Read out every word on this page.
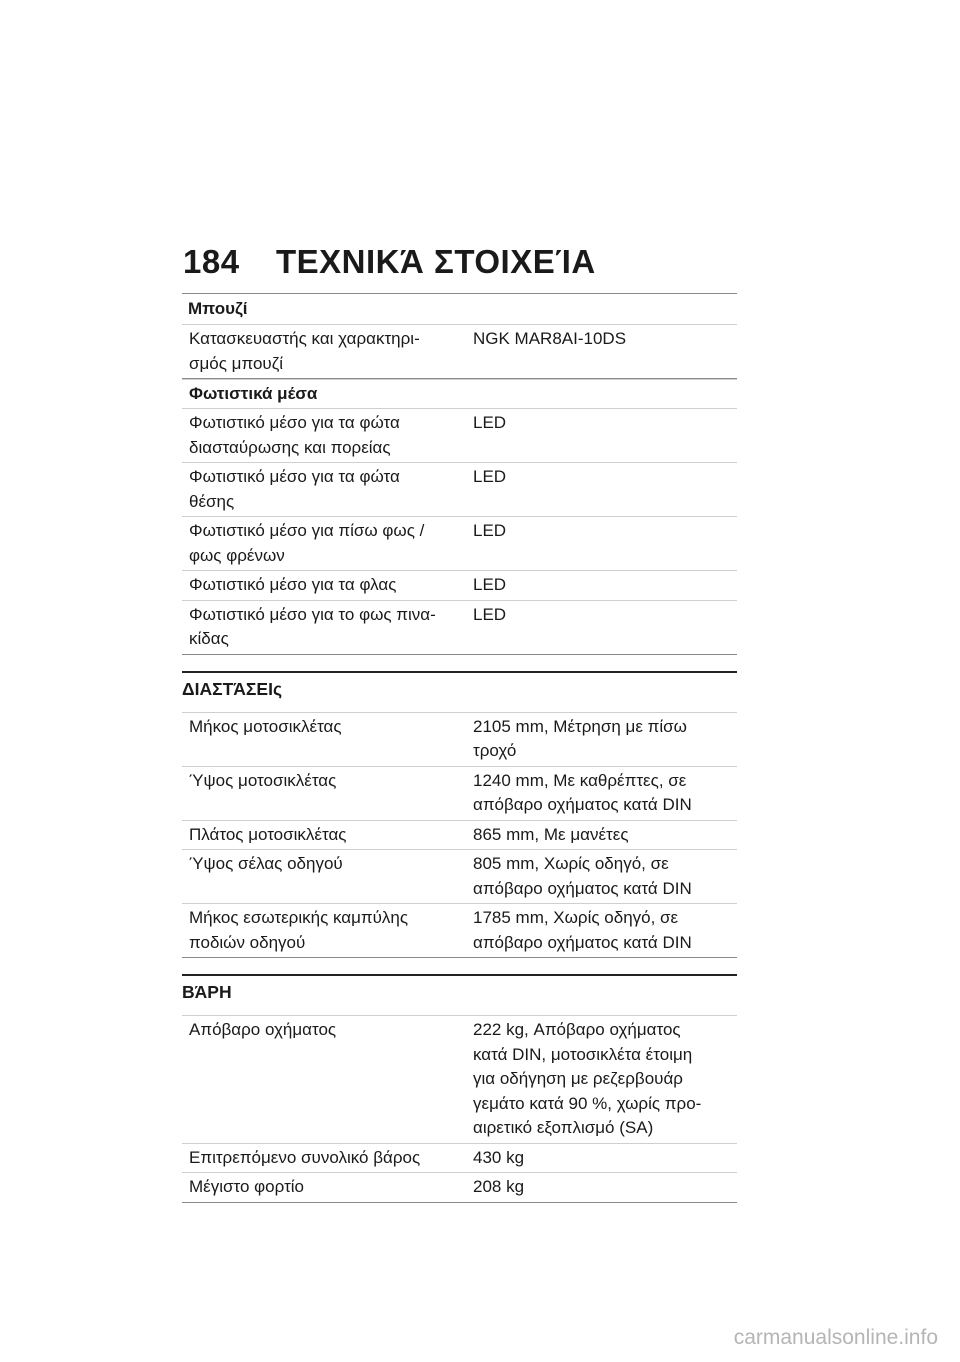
184 ΤΕΧΝΙΚΆ ΣΤΟΙΧΕΊΑ
Μπουζί
Κατασκευαστής και χαρακτηρι-
σμός μπουζί	NGK MAR8AI-10DS
Φωτιστικά μέσα
Φωτιστικό μέσο για τα φώτα
διασταύρωσης και πορείας	LED
Φωτιστικό μέσο για τα φώτα
θέσης	LED
Φωτιστικό μέσο για πίσω φως /
φως φρένων	LED
Φωτιστικό μέσο για τα φλας	LED
Φωτιστικό μέσο για το φως πινα-
κίδας	LED
ΔΙΑΣΤΆΣΕΙς
Μήκος μοτοσικλέτας	2105 mm, Μέτρηση με πίσω
τροχό
Ύψος μοτοσικλέτας	1240 mm, Με καθρέπτες, σε
απόβαρο οχήματος κατά DIN
Πλάτος μοτοσικλέτας	865 mm, Με μανέτες
Ύψος σέλας οδηγού	805 mm, Χωρίς οδηγό, σε
απόβαρο οχήματος κατά DIN
Μήκος εσωτερικής καμπύλης
ποδιών οδηγού	1785 mm, Χωρίς οδηγό, σε
απόβαρο οχήματος κατά DIN
ΒΆΡΗ
Απόβαρο οχήματος	222 kg, Απόβαρο οχήματος
κατά DIN, μοτοσικλέτα έτοιμη
για οδήγηση με ρεζερβουάρ
γεμάτο κατά 90 %, χωρίς προ-
αιρετικό εξοπλισμό (SA)
Επιτρεπόμενο συνολικό βάρος	430 kg
Μέγιστο φορτίο	208 kg
carmanualsonline.info
